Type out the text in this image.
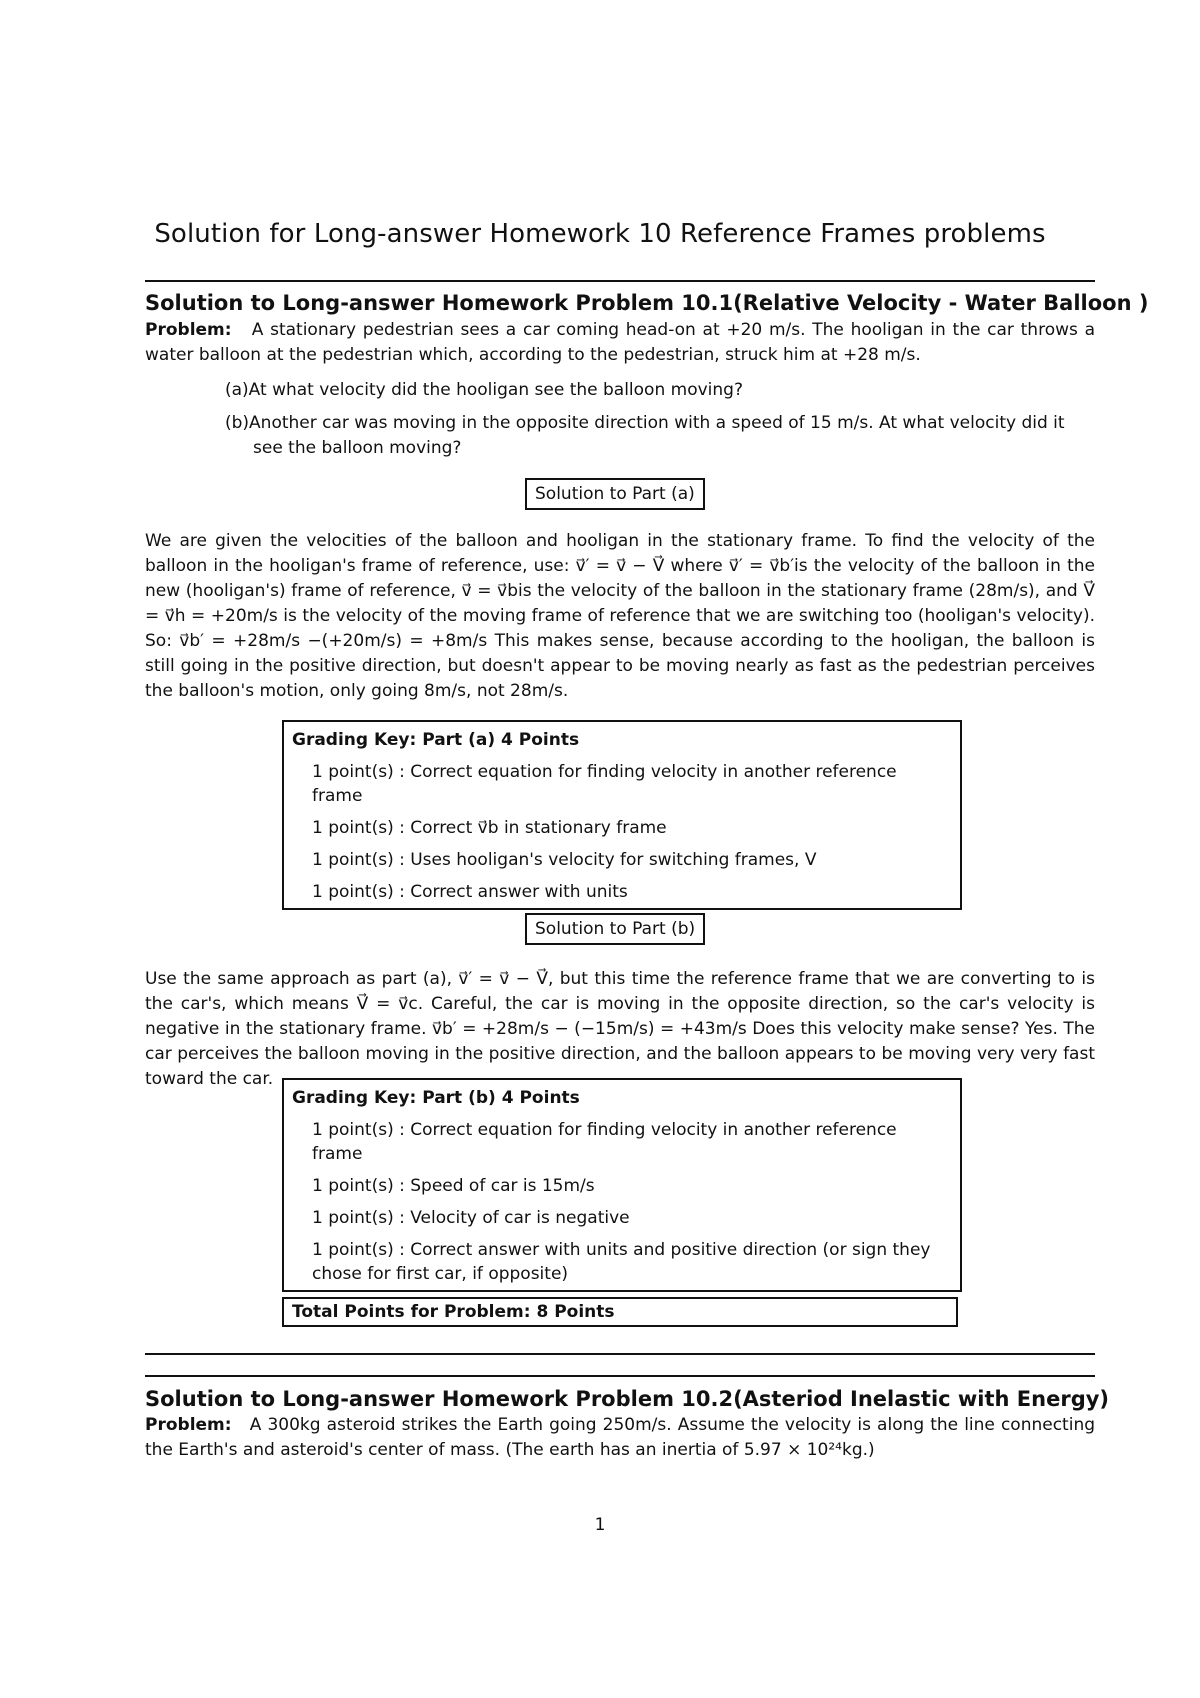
Solution for Long-answer Homework 10 Reference Frames problems
Solution to Long-answer Homework Problem 10.1(Relative Velocity - Water Balloon )
Problem: A stationary pedestrian sees a car coming head-on at +20 m/s. The hooligan in the car throws a water balloon at the pedestrian which, according to the pedestrian, struck him at +28 m/s.
(a)At what velocity did the hooligan see the balloon moving?
(b)Another car was moving in the opposite direction with a speed of 15 m/s. At what velocity did it
see the balloon moving?
Solution to Part (a)
We are given the velocities of the balloon and hooligan in the stationary frame. To find the velocity of the balloon in the hooligan's frame of reference, use: v⃗′ = v⃗ − V⃗ where v⃗′ = v⃗b′is the velocity of the balloon in the new (hooligan's) frame of reference, v⃗ = v⃗bis the velocity of the balloon in the stationary frame (28m/s), and V⃗ = v⃗h = +20m/s is the velocity of the moving frame of reference that we are switching too (hooligan's velocity). So: v⃗b′ = +28m/s −(+20m/s) = +8m/s This makes sense, because according to the hooligan, the balloon is still going in the positive direction, but doesn't appear to be moving nearly as fast as the pedestrian perceives the balloon's motion, only going 8m/s, not 28m/s.
Grading Key: Part (a) 4 Points
1 point(s) : Correct equation for finding velocity in another reference frame
1 point(s) : Correct v⃗b in stationary frame
1 point(s) : Uses hooligan's velocity for switching frames, V
1 point(s) : Correct answer with units
Solution to Part (b)
Use the same approach as part (a), v⃗′ = v⃗ − V⃗, but this time the reference frame that we are converting to is the car's, which means V⃗ = v⃗c. Careful, the car is moving in the opposite direction, so the car's velocity is negative in the stationary frame. v⃗b′ = +28m/s − (−15m/s) = +43m/s Does this velocity make sense? Yes. The car perceives the balloon moving in the positive direction, and the balloon appears to be moving very very fast toward the car.
Grading Key: Part (b) 4 Points
1 point(s) : Correct equation for finding velocity in another reference frame
1 point(s) : Speed of car is 15m/s
1 point(s) : Velocity of car is negative
1 point(s) : Correct answer with units and positive direction (or sign they chose for first car, if opposite)
Total Points for Problem: 8 Points
Solution to Long-answer Homework Problem 10.2(Asteriod Inelastic with Energy)
Problem: A 300kg asteroid strikes the Earth going 250m/s. Assume the velocity is along the line connecting the Earth's and asteroid's center of mass. (The earth has an inertia of 5.97 × 10²⁴kg.)
1
